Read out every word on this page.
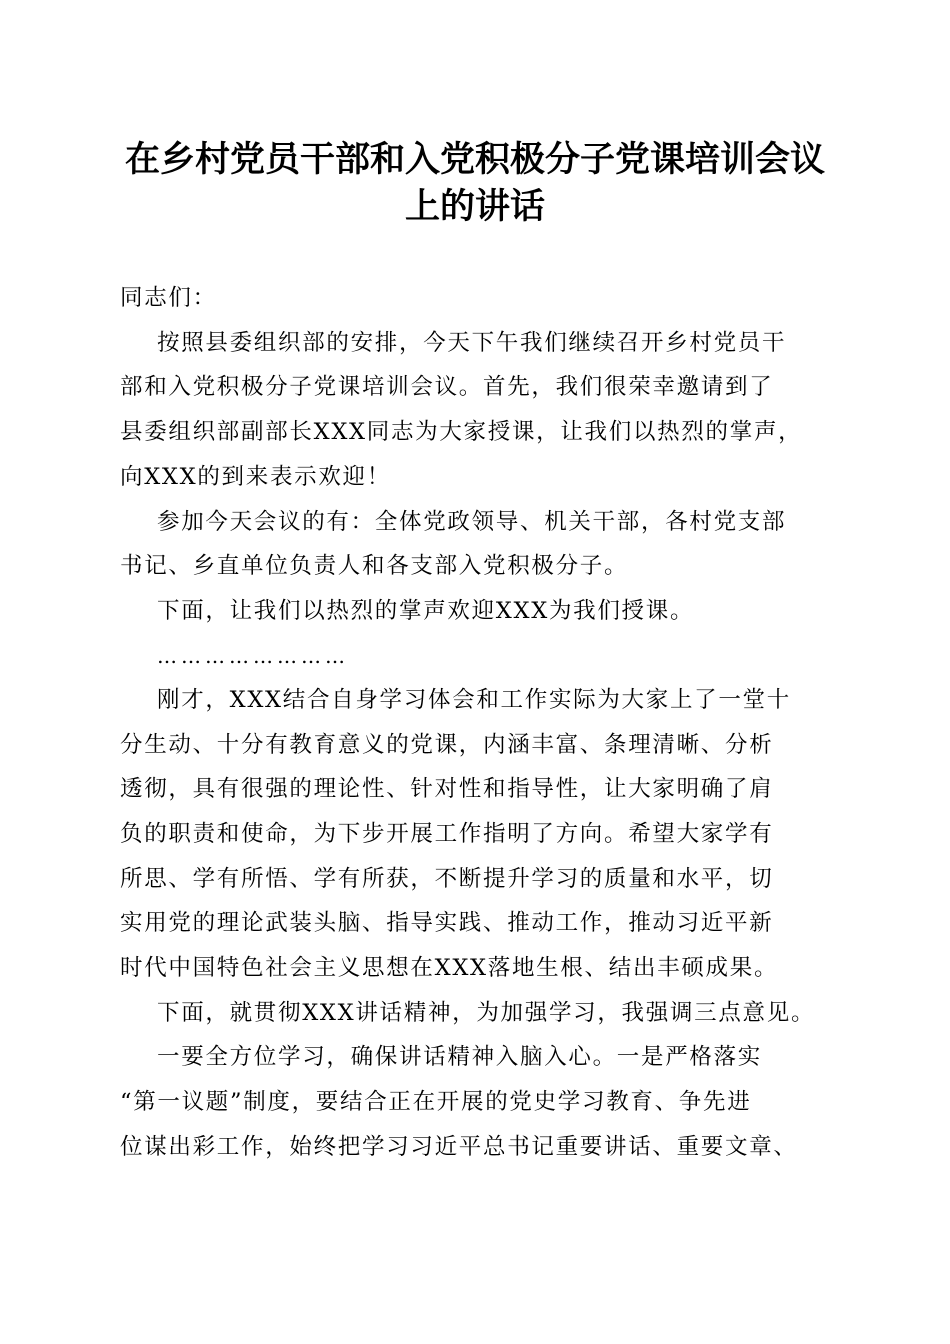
在乡村党员干部和入党积极分子党课培训会议
上的讲话
同志们：
按照县委组织部的安排，今天下午我们继续召开乡村党员干
部和入党积极分子党课培训会议。首先，我们很荣幸邀请到了
县委组织部副部长XXX同志为大家授课，让我们以热烈的掌声，
向XXX的到来表示欢迎！
参加今天会议的有：全体党政领导、机关干部，各村党支部
书记、乡直单位负责人和各支部入党积极分子。
下面，让我们以热烈的掌声欢迎XXX为我们授课。
……………………
刚才，XXX结合自身学习体会和工作实际为大家上了一堂十
分生动、十分有教育意义的党课，内涵丰富、条理清晰、分析
透彻，具有很强的理论性、针对性和指导性，让大家明确了肩
负的职责和使命，为下步开展工作指明了方向。希望大家学有
所思、学有所悟、学有所获，不断提升学习的质量和水平，切
实用党的理论武装头脑、指导实践、推动工作，推动习近平新
时代中国特色社会主义思想在XXX落地生根、结出丰硕成果。
下面，就贯彻XXX讲话精神，为加强学习，我强调三点意见。
一要全方位学习，确保讲话精神入脑入心。一是严格落实
“第一议题”制度，要结合正在开展的党史学习教育、争先进
位谋出彩工作，始终把学习习近平总书记重要讲话、重要文章、
